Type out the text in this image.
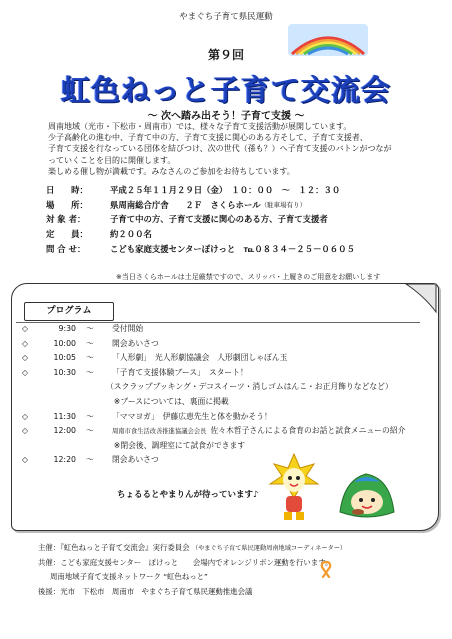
やまぐち子育て県民運動
第９回
虹色ねっと子育て交流会
～ 次へ踏み出そう！子育て支援 ～
周南地域（光市・下松市・周南市）では、様々な子育て支援活動が展開しています。
少子高齢化の進む中、子育て中の方、子育て支援に関心のある方そして、子育て支援者、
子育て支援を行なっている団体を結びつけ、次の世代（孫も？）へ子育て支援のバトンがつなが
っていくことを目的に開催します。
楽しめる催し物が満載です。みなさんのご参加をお待ちしています。
日　　時：	平成２５年１１月２９日（金）　１０：００　～　１２：３０
場　　所：	県周南総合庁舎　　２Ｆ　さくらホール （駐車場有り）
対 象 者：	子育て中の方、子育て支援に関心のある方、子育て支援者
定　　員：	約２００名
問 合 せ：	こども家庭支援センターぽけっと　℡０８３４－２５－０６０５
※当日さくらホールは土足厳禁ですので、スリッパ・上履きのご用意をお願いします
プログラム
◇	9:30 ～ 受付開始
◇	10:00 ～ 開会あいさつ
◇	10:05 ～ 「人形劇」　光人形劇協議会　人形劇団しゃぼん玉
◇	10:30 ～ 「子育て支援体験ブース」　スタート！
（スクラップブッキング・デコスイーツ・消しゴムはんこ・お正月飾りなどなど）
　※ブースについては、裏面に掲載
◇	11:30 ～ 「ママヨガ」　伊藤広恵先生と体を動かそう！
◇	12:00 ～	周南市食生活改善推進協議会会長 佐々木哲子さんによる食育のお話と試食メニューの紹介
　※閉会後、調理室にて試食ができます
◇	12:20 ～ 閉会あいさつ
ちょるるとやまりんが待っています♪
主催：『虹色ねっと子育て交流会』実行委員会 （やまぐち子育て県民運動周南地域コーディネーター）
共催：こども家庭支援センター　ぽけっと　　会場内でオレンジリボン運動を行います。
周南地域子育て支援ネットワーク “虹色ねっと”
後援：光市　下松市　周南市　やまぐち子育て県民運動推進会議
